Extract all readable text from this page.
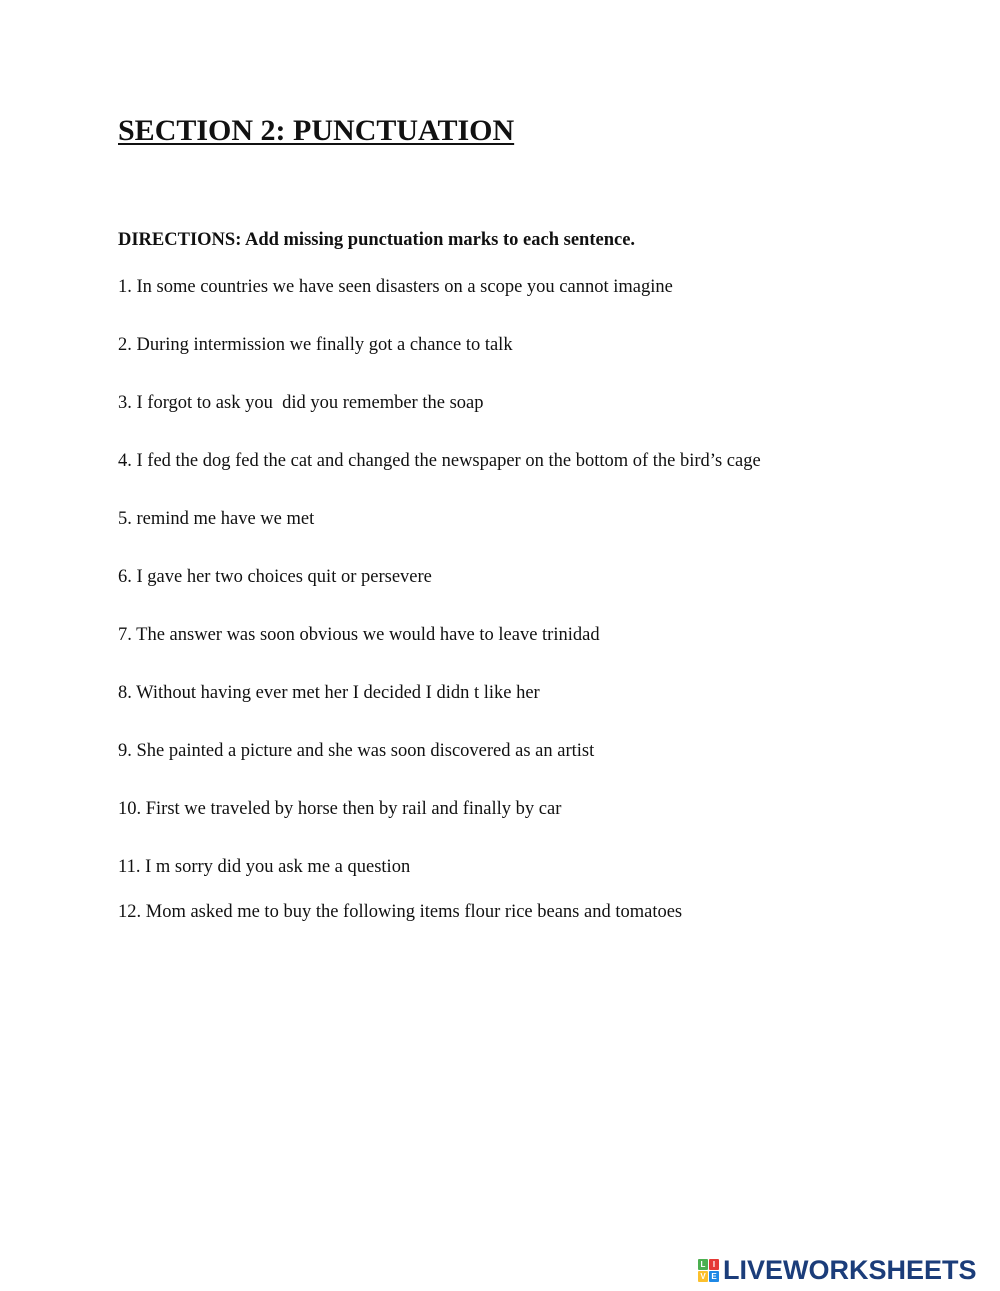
SECTION 2: PUNCTUATION

DIRECTIONS: Add missing punctuation marks to each sentence.

1. In some countries we have seen disasters on a scope you cannot imagine

2. During intermission we finally got a chance to talk

3. I forgot to ask you  did you remember the soap

4. I fed the dog fed the cat and changed the newspaper on the bottom of the bird’s cage

5. remind me have we met

6. I gave her two choices quit or persevere

7. The answer was soon obvious we would have to leave trinidad

8. Without having ever met her I decided I didn t like her

9. She painted a picture and she was soon discovered as an artist

10. First we traveled by horse then by rail and finally by car

11. I m sorry did you ask me a question

12. Mom asked me to buy the following items flour rice beans and tomatoes

L I
V E LIVEWORKSHEETS
